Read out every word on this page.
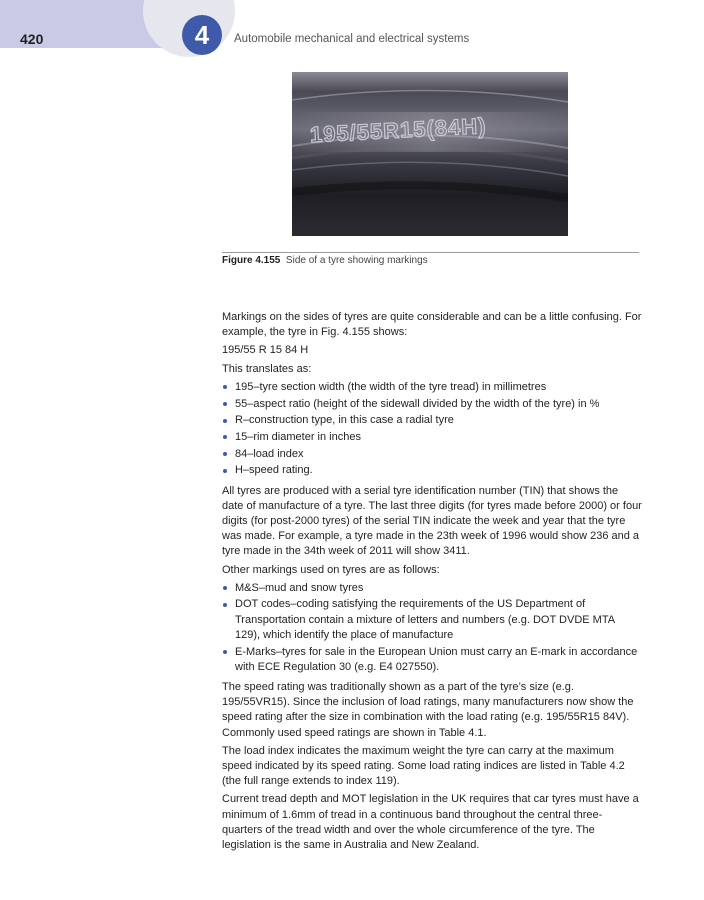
420	4	Automobile mechanical and electrical systems
195/55R15(84H)
Figure 4.155 Side of a tyre showing markings

Markings on the sides of tyres are quite considerable and can be a little confusing. For example, the tyre in Fig. 4.155 shows:

195/55 R 15 84 H

This translates as:

195–tyre section width (the width of the tyre tread) in millimetres
55–aspect ratio (height of the sidewall divided by the width of the tyre) in %
R–construction type, in this case a radial tyre
15–rim diameter in inches
84–load index
H–speed rating.

All tyres are produced with a serial tyre identification number (TIN) that shows the date of manufacture of a tyre. The last three digits (for tyres made before 2000) or four digits (for post-2000 tyres) of the serial TIN indicate the week and year that the tyre was made. For example, a tyre made in the 23th week of 1996 would show 236 and a tyre made in the 34th week of 2011 will show 3411.

Other markings used on tyres are as follows:

M&S–mud and snow tyres
DOT codes–coding satisfying the requirements of the US Department of Transportation contain a mixture of letters and numbers (e.g. DOT DVDE MTA 129), which identify the place of manufacture
E-Marks–tyres for sale in the European Union must carry an E-mark in accordance with ECE Regulation 30 (e.g. E4 027550).

The speed rating was traditionally shown as a part of the tyre’s size (e.g. 195/55VR15). Since the inclusion of load ratings, many manufacturers now show the speed rating after the size in combination with the load rating (e.g. 195/55R15 84V). Commonly used speed ratings are shown in Table 4.1.

The load index indicates the maximum weight the tyre can carry at the maximum speed indicated by its speed rating. Some load rating indices are listed in Table 4.2 (the full range extends to index 119).

Current tread depth and MOT legislation in the UK requires that car tyres must have a minimum of 1.6mm of tread in a continuous band throughout the central three-quarters of the tread width and over the whole circumference of the tyre. The legislation is the same in Australia and New Zealand.
